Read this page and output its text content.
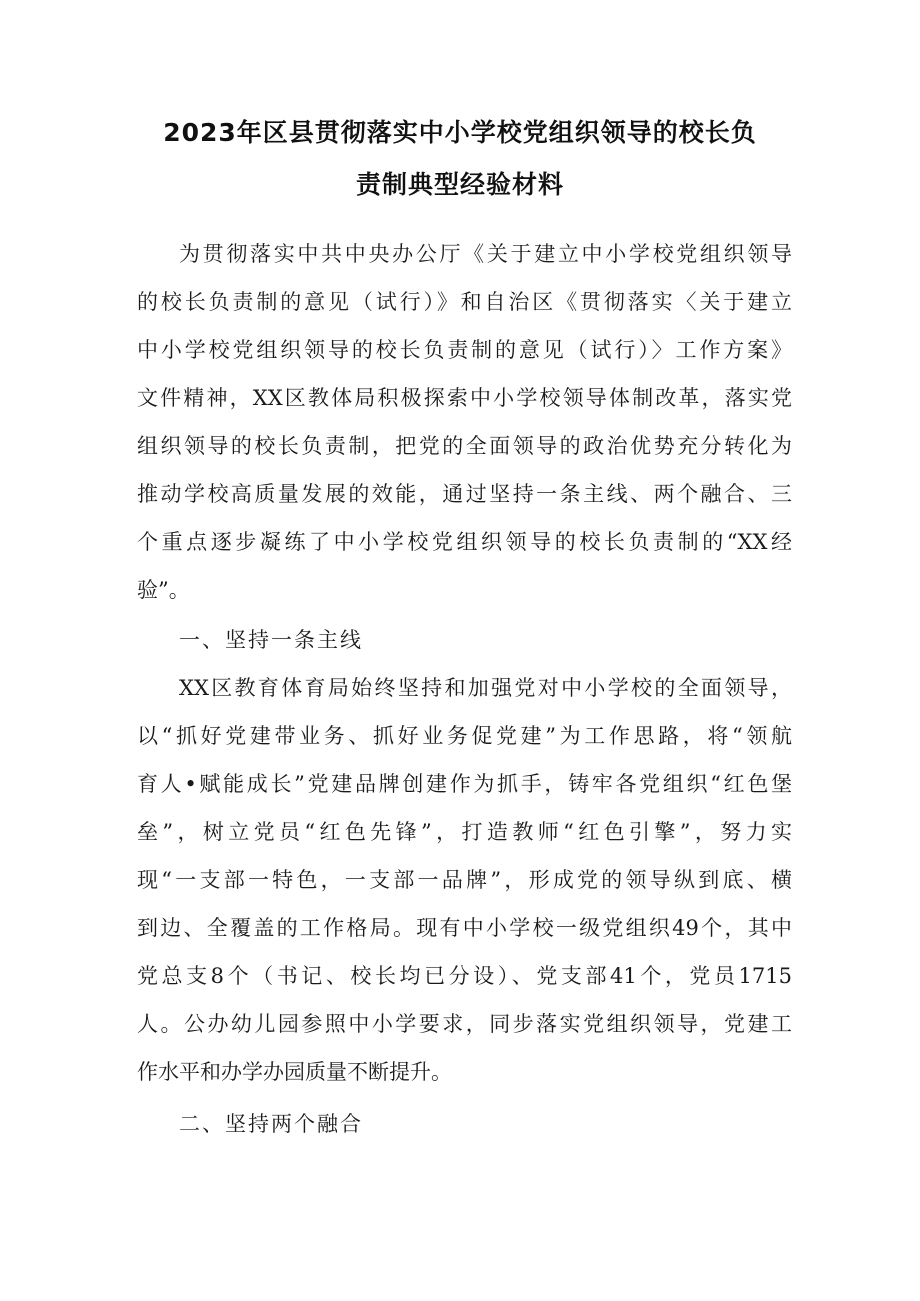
2023年区县贯彻落实中小学校党组织领导的校长负
责制典型经验材料
为贯彻落实中共中央办公厅《关于建立中小学校党组织领导
的校长负责制的意见（试行）》和自治区《贯彻落实〈关于建立
中小学校党组织领导的校长负责制的意见（试行）〉工作方案》
文件精神，XX区教体局积极探索中小学校领导体制改革，落实党
组织领导的校长负责制，把党的全面领导的政治优势充分转化为
推动学校高质量发展的效能，通过坚持一条主线、两个融合、三
个重点逐步凝练了中小学校党组织领导的校长负责制的“XX经
验”。
一、坚持一条主线
XX区教育体育局始终坚持和加强党对中小学校的全面领导，
以“抓好党建带业务、抓好业务促党建”为工作思路，将“领航
育人•赋能成长”党建品牌创建作为抓手，铸牢各党组织“红色堡
垒”，树立党员“红色先锋”，打造教师“红色引擎”，努力实
现“一支部一特色，一支部一品牌”，形成党的领导纵到底、横
到边、全覆盖的工作格局。现有中小学校一级党组织49个，其中
党总支8个（书记、校长均已分设）、党支部41个，党员1715
人。公办幼儿园参照中小学要求，同步落实党组织领导，党建工
作水平和办学办园质量不断提升。
二、坚持两个融合
